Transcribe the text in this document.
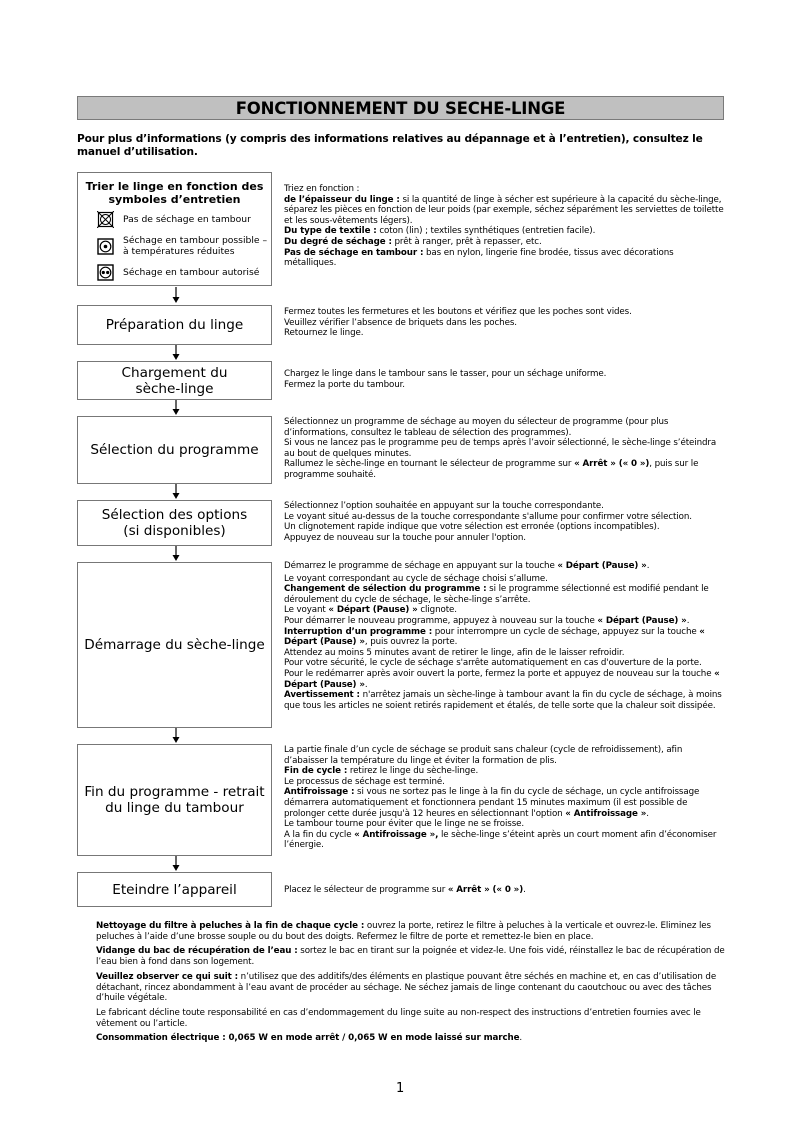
FONCTIONNEMENT DU SECHE-LINGE
Pour plus d’informations (y compris des informations relatives au dépannage et à l’entretien), consultez le manuel d’utilisation.
Trier le linge en fonction des symboles d’entretien
Pas de séchage en tambour
Séchage en tambour possible – à températures réduites
Séchage en tambour autorisé
Préparation du linge
Chargement du sèche-linge
Sélection du programme
Sélection des options (si disponibles)
Démarrage du sèche-linge
Fin du programme - retrait du linge du tambour
Eteindre l’appareil

Triez en fonction :

de l’épaisseur du linge : si la quantité de linge à sécher est supérieure à la capacité du sèche-linge, séparez les pièces en fonction de leur poids (par exemple, séchez séparément les serviettes de toilette et les sous-vêtements légers).

Du type de textile : coton (lin) ; textiles synthétiques (entretien facile).

Du degré de séchage : prêt à ranger, prêt à repasser, etc.

Pas de séchage en tambour : bas en nylon, lingerie fine brodée, tissus avec décorations métalliques.

Fermez toutes les fermetures et les boutons et vérifiez que les poches sont vides.

Veuillez vérifier l’absence de briquets dans les poches.

Retournez le linge.

Chargez le linge dans le tambour sans le tasser, pour un séchage uniforme.

Fermez la porte du tambour.

Sélectionnez un programme de séchage au moyen du sélecteur de programme (pour plus d’informations, consultez le tableau de sélection des programmes).

Si vous ne lancez pas le programme peu de temps après l’avoir sélectionné, le sèche-linge s’éteindra au bout de quelques minutes.

Rallumez le sèche-linge en tournant le sélecteur de programme sur « Arrêt » (« 0 »), puis sur le programme souhaité.

Sélectionnez l’option souhaitée en appuyant sur la touche correspondante.

Le voyant situé au-dessus de la touche correspondante s'allume pour confirmer votre sélection.

Un clignotement rapide indique que votre sélection est erronée (options incompatibles).

Appuyez de nouveau sur la touche pour annuler l'option.

Démarrez le programme de séchage en appuyant sur la touche « Départ (Pause) ».

Le voyant correspondant au cycle de séchage choisi s’allume.

Changement de sélection du programme : si le programme sélectionné est modifié pendant le déroulement du cycle de séchage, le sèche-linge s’arrête.

Le voyant « Départ (Pause) » clignote.

Pour démarrer le nouveau programme, appuyez à nouveau sur la touche « Départ (Pause) ».

Interruption d’un programme : pour interrompre un cycle de séchage, appuyez sur la touche « Départ (Pause) », puis ouvrez la porte.

Attendez au moins 5 minutes avant de retirer le linge, afin de le laisser refroidir.

Pour votre sécurité, le cycle de séchage s'arrête automatiquement en cas d'ouverture de la porte.

Pour le redémarrer après avoir ouvert la porte, fermez la porte et appuyez de nouveau sur la touche « Départ (Pause) ».

Avertissement : n'arrêtez jamais un sèche-linge à tambour avant la fin du cycle de séchage, à moins que tous les articles ne soient retirés rapidement et étalés, de telle sorte que la chaleur soit dissipée.

La partie finale d’un cycle de séchage se produit sans chaleur (cycle de refroidissement), afin d’abaisser la température du linge et éviter la formation de plis.

Fin de cycle : retirez le linge du sèche-linge.

Le processus de séchage est terminé.

Antifroissage : si vous ne sortez pas le linge à la fin du cycle de séchage, un cycle antifroissage démarrera automatiquement et fonctionnera pendant 15 minutes maximum (il est possible de prolonger cette durée jusqu'à 12 heures en sélectionnant l'option « Antifroissage ».

Le tambour tourne pour éviter que le linge ne se froisse.

A la fin du cycle « Antifroissage », le sèche-linge s’éteint après un court moment afin d’économiser l’énergie.

Placez le sélecteur de programme sur « Arrêt » (« 0 »).

Nettoyage du filtre à peluches à la fin de chaque cycle : ouvrez la porte, retirez le filtre à peluches à la verticale et ouvrez-le. Eliminez les peluches à l’aide d’une brosse souple ou du bout des doigts. Refermez le filtre de porte et remettez-le bien en place.

Vidange du bac de récupération de l’eau : sortez le bac en tirant sur la poignée et videz-le. Une fois vidé, réinstallez le bac de récupération de l’eau bien à fond dans son logement.

Veuillez observer ce qui suit : n’utilisez que des additifs/des éléments en plastique pouvant être séchés en machine et, en cas d’utilisation de détachant, rincez abondamment à l’eau avant de procéder au séchage. Ne séchez jamais de linge contenant du caoutchouc ou avec des tâches d’huile végétale.

Le fabricant décline toute responsabilité en cas d’endommagement du linge suite au non-respect des instructions d’entretien fournies avec le vêtement ou l’article.

Consommation électrique : 0,065 W en mode arrêt / 0,065 W en mode laissé sur marche.

1
